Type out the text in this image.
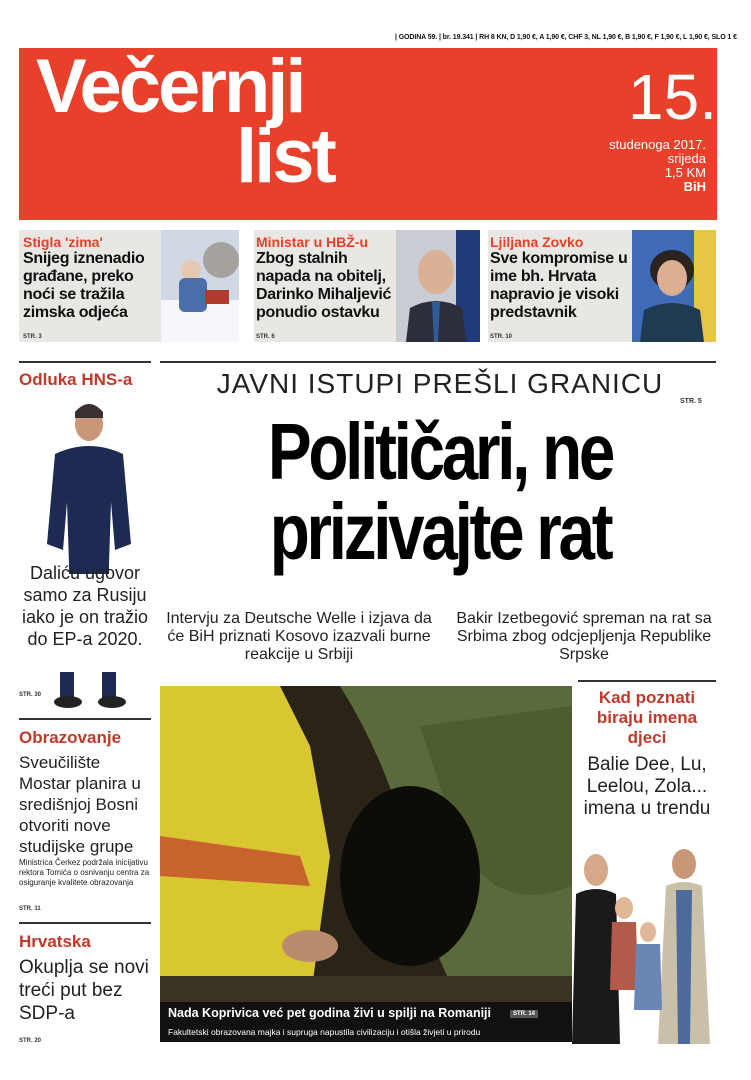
| GODINA 59. | br. 19.341 | RH 8 KN, D 1,90 €, A 1,90 €, CHF 3, NL 1,90 €, B 1,90 €, F 1,90 €, L 1,90 €, SLO 1 €
Večernji
list
15.
studenoga 2017.
srijeda
1,5 KM
BiH
Stigla 'zima'
Snijeg iznenadio građane, preko noći se tražila zimska odjeća
STR. 3
Ministar u HBŽ-u
Zbog stalnih napada na obitelj, Darinko Mihaljević ponudio ostavku
STR. 6
Ljiljana Zovko
Sve kompromise u ime bh. Hrvata napravio je visoki predstavnik
STR. 10
Odluka HNS-a
Daliću ugovor samo za Rusiju iako je on tražio do EP-a 2020.
STR. 30
Obrazovanje
Sveučilište Mostar planira u središnjoj Bosni otvoriti nove studijske grupe
Ministrica Čerkez podržala inicijativu rektora Tomića o osnivanju centra za osiguranje kvalitete obrazovanja
STR. 11
Hrvatska
Okuplja se novi treći put bez SDP-a
STR. 20
JAVNI ISTUPI PREŠLI GRANICU
STR. 5
Političari, ne
prizivajte rat
Intervju za Deutsche Welle i izjava da će BiH priznati Kosovo izazvali burne reakcije u Srbiji
Bakir Izetbegović spreman na rat sa Srbima zbog odcjepljenja Republike Srpske
Nada Koprivica već pet godina živi u spilji na Romaniji	STR. 14
Fakultetski obrazovana majka i supruga napustila civilizaciju i otišla živjeti u prirodu
Kad poznati biraju imena djeci
Balie Dee, Lu, Leelou, Zola... imena u trendu
